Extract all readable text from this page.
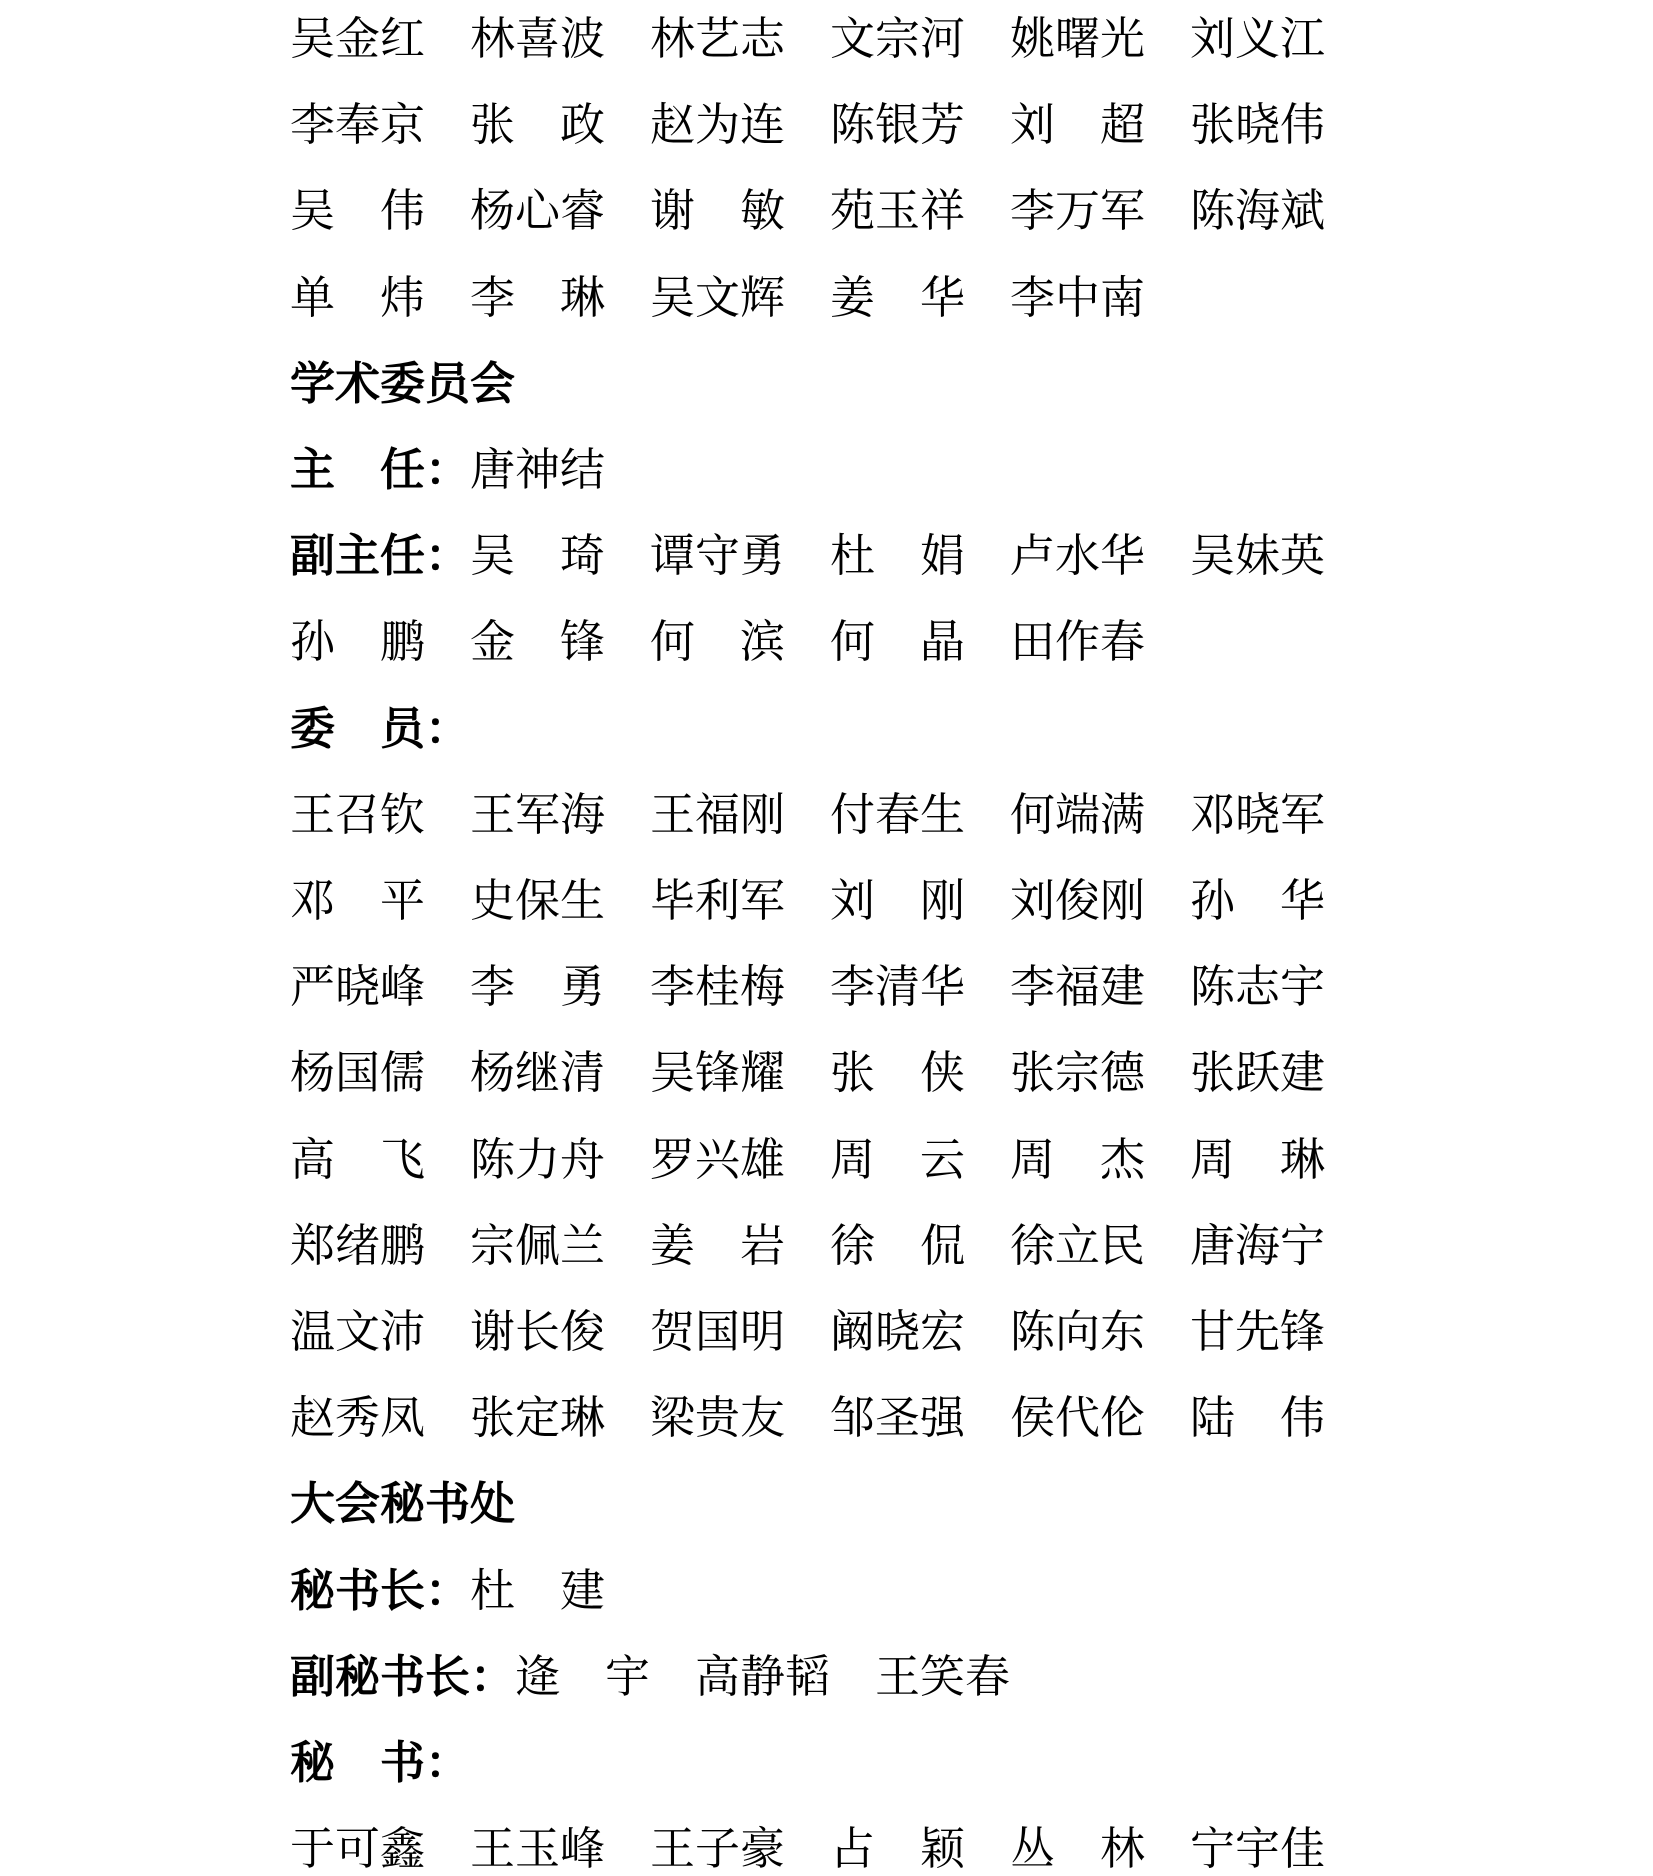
吴金红 林喜波 林艺志 文宗河 姚曙光 刘义江
李奉京 张　政 赵为连 陈银芳 刘　超 张晓伟
吴　伟 杨心睿 谢　敏 苑玉祥 李万军 陈海斌
单　炜 李　琳 吴文辉 姜　华 李中南
学术委员会
主　任：唐神结
副主任：吴　琦 谭守勇 杜　娟 卢水华 吴妹英
孙　鹏 金　锋 何　滨 何　晶 田作春
委　员：
王召钦 王军海 王福刚 付春生 何端满 邓晓军
邓　平 史保生 毕利军 刘　刚 刘俊刚 孙　华
严晓峰 李　勇 李桂梅 李清华 李福建 陈志宇
杨国儒 杨继清 吴锋耀 张　侠 张宗德 张跃建
高　飞 陈力舟 罗兴雄 周　云 周　杰 周　琳
郑绪鹏 宗佩兰 姜　岩 徐　侃 徐立民 唐海宁
温文沛 谢长俊 贺国明 阚晓宏 陈向东 甘先锋
赵秀凤 张定琳 梁贵友 邹圣强 侯代伦 陆　伟
大会秘书处
秘书长：杜　建
副秘书长：逄　宇 高静韬 王笑春
秘　书：
于可鑫 王玉峰 王子豪 占　颖 丛　林 宁宇佳
